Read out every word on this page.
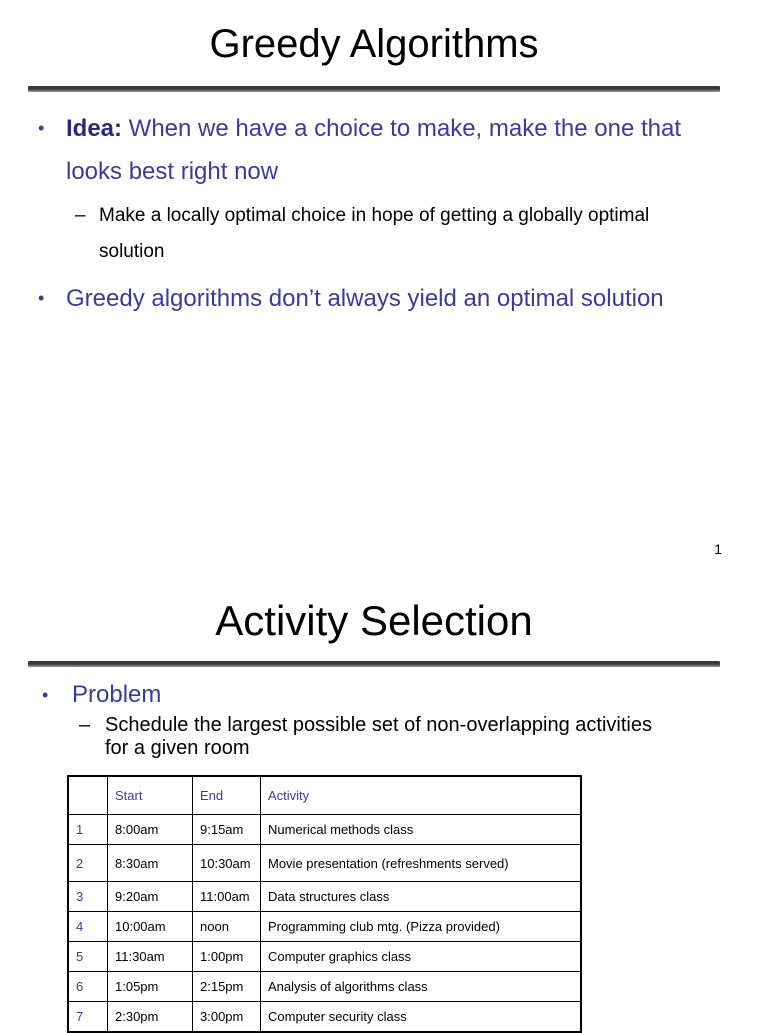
Greedy Algorithms
• Idea: When we have a choice to make, make the one that looks best right now
– Make a locally optimal choice in hope of getting a globally optimal solution
• Greedy algorithms don’t always yield an optimal solution
1
Activity Selection
• Problem
– Schedule the largest possible set of non-overlapping activities for a given room
	Start	End	Activity
1	8:00am	9:15am	Numerical methods class
2	8:30am	10:30am	Movie presentation (refreshments served)
3	9:20am	11:00am	Data structures class
4	10:00am	noon	Programming club mtg. (Pizza provided)
5	11:30am	1:00pm	Computer graphics class
6	1:05pm	2:15pm	Analysis of algorithms class
7	2:30pm	3:00pm	Computer security class
